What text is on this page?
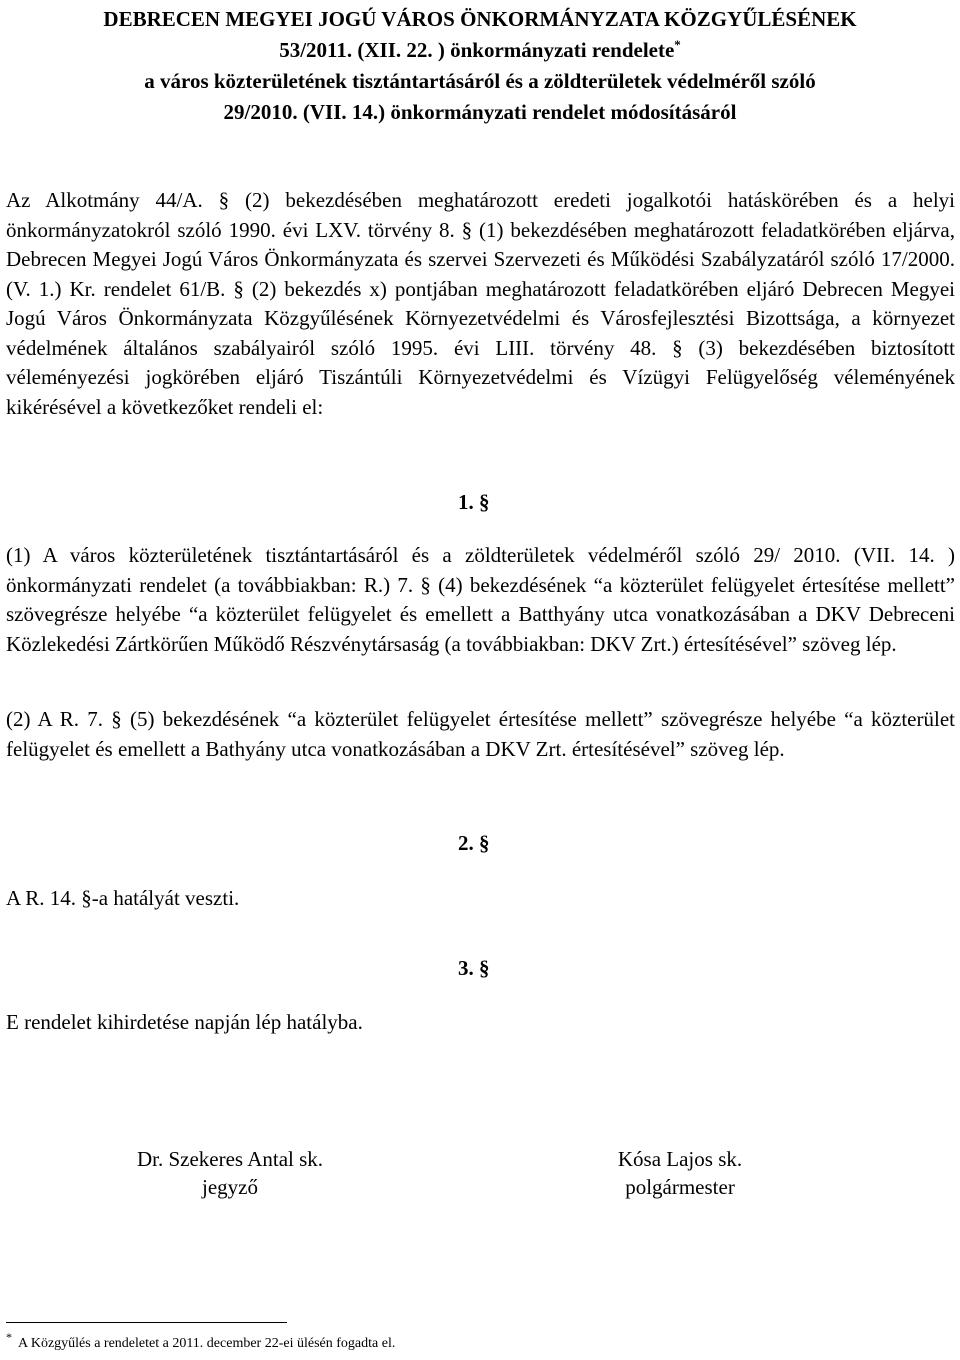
DEBRECEN MEGYEI JOGÚ VÁROS ÖNKORMÁNYZATA KÖZGYŰLÉSÉNEK
53/2011. (XII. 22. ) önkormányzati rendelete*
a város közterületének tisztántartásáról és a zöldterületek védelméről szóló
29/2010. (VII. 14.) önkormányzati rendelet módosításáról

Az Alkotmány 44/A. § (2) bekezdésében meghatározott eredeti jogalkotói hatáskörében és a helyi önkormányzatokról szóló 1990. évi LXV. törvény 8. § (1) bekezdésében meghatározott feladatkörében eljárva, Debrecen Megyei Jogú Város Önkormányzata és szervei Szervezeti és Működési Szabályzatáról szóló 17/2000. (V. 1.) Kr. rendelet 61/B. § (2) bekezdés x) pontjában meghatározott feladatkörében eljáró Debrecen Megyei Jogú Város Önkormányzata Közgyűlésének Környezetvédelmi és Városfejlesztési Bizottsága, a környezet védelmének általános szabályairól szóló 1995. évi LIII. törvény 48. § (3) bekezdésében biztosított véleményezési jogkörében eljáró Tiszántúli Környezetvédelmi és Vízügyi Felügyelőség véleményének kikérésével a következőket rendeli el:

1. §

(1) A város közterületének tisztántartásáról és a zöldterületek védelméről szóló 29/ 2010. (VII. 14. ) önkormányzati rendelet (a továbbiakban: R.) 7. § (4) bekezdésének “a közterület felügyelet értesítése mellett” szövegrésze helyébe “a közterület felügyelet és emellett a Batthyány utca vonatkozásában a DKV Debreceni Közlekedési Zártkörűen Működő Részvénytársaság (a továbbiakban: DKV Zrt.) értesítésével” szöveg lép.

(2) A R. 7. § (5) bekezdésének “a közterület felügyelet értesítése mellett” szövegrésze helyébe “a közterület felügyelet és emellett a Bathyány utca vonatkozásában a DKV Zrt. értesítésével” szöveg lép.

2. §
A R. 14. §-a hatályát veszti.
3. §
E rendelet kihirdetése napján lép hatályba.
Dr. Szekeres Antal sk.
jegyző
Kósa Lajos sk.
polgármester
* A Közgyűlés a rendeletet a 2011. december 22-ei ülésén fogadta el.
